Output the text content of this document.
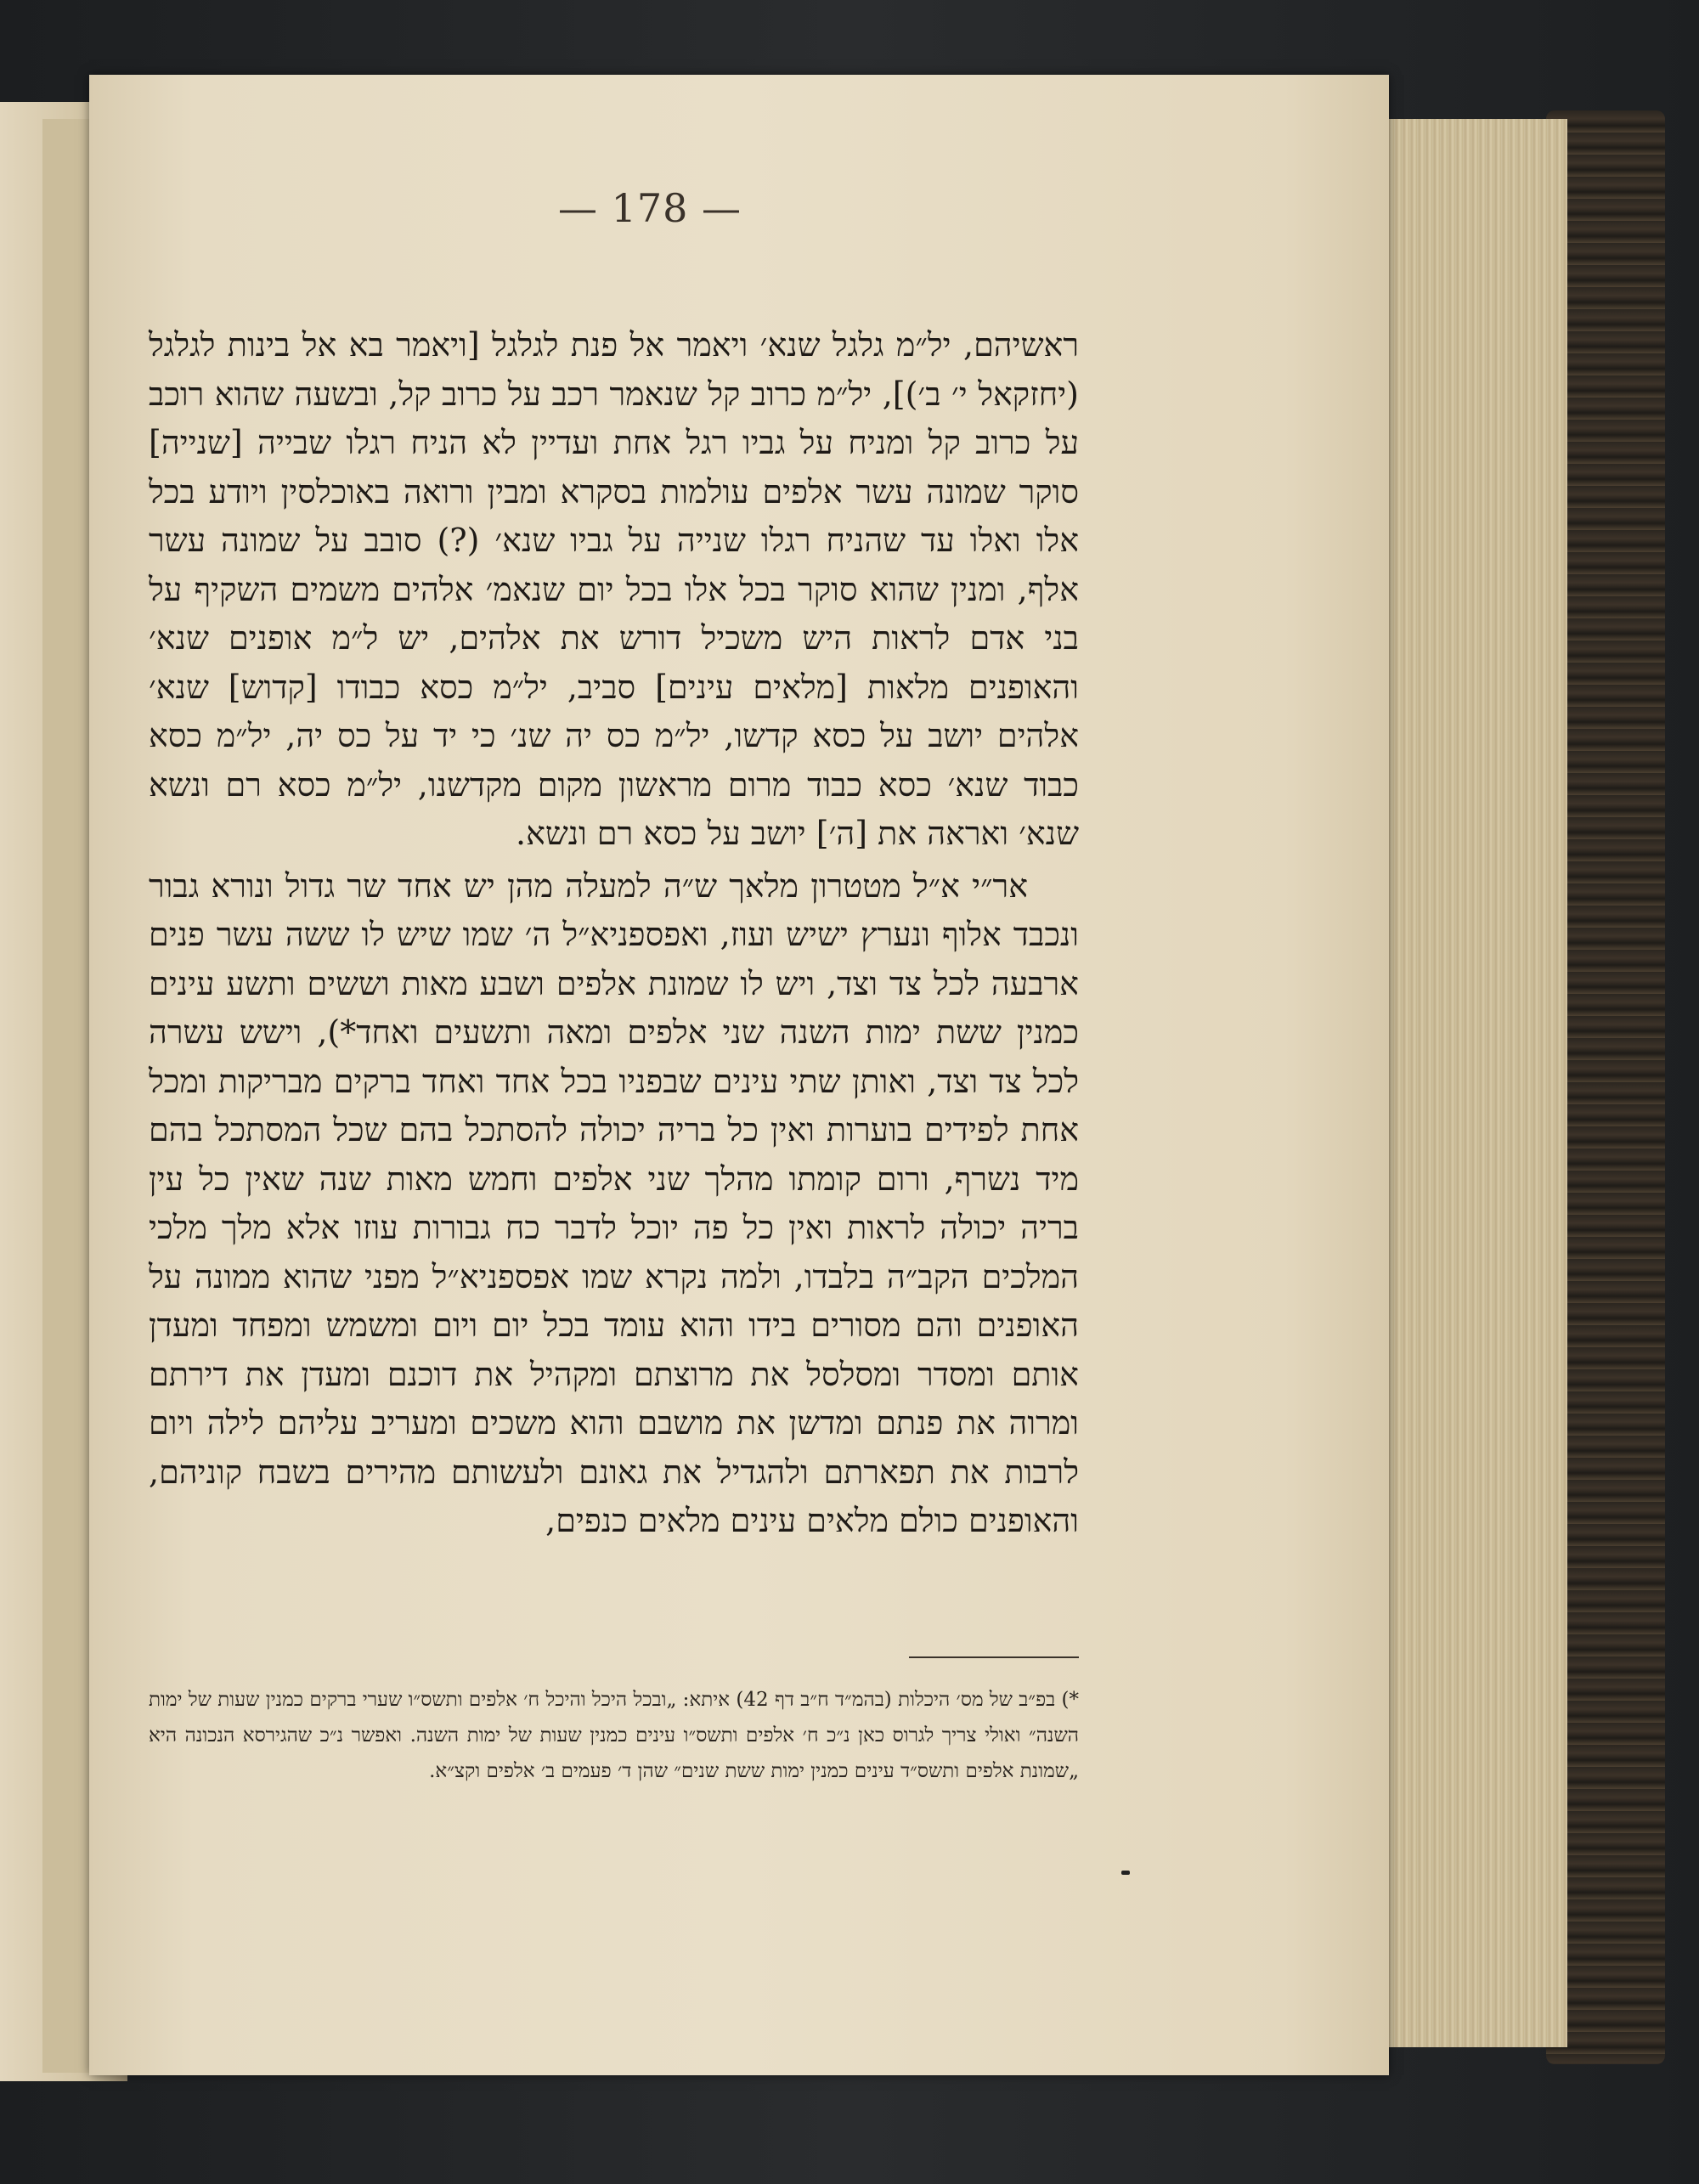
— 178 —

ראשיהם, יל״מ גלגל שנא׳ ויאמר אל פנת לגלגל [ויאמר בא אל בינות לגלגל (יחזקאל י׳ ב׳)], יל״מ כרוב קל שנאמר רכב על כרוב קל, ובשעה שהוא רוכב על כרוב קל ומניח על גביו רגל אחת ועדיין לא הניח רגלו שבייה [שנייה] סוקר שמונה עשר אלפים עולמות בסקרא ומבין ורואה באוכלסין ויודע בכל אלו ואלו עד שהניח רגלו שנייה על גביו שנא׳ (?) סובב על שמונה עשר אלף, ומנין שהוא סוקר בכל אלו בכל יום שנאמ׳ אלהים משמים השקיף על בני אדם לראות היש משכיל דורש את אלהים, יש ל״מ אופנים שנא׳ והאופנים מלאות [מלאים עינים] סביב, יל״מ כסא כבודו [קדוש] שנא׳ אלהים יושב על כסא קדשו, יל״מ כס יה שנ׳ כי יד על כס יה, יל״מ כסא כבוד שנא׳ כסא כבוד מרום מראשון מקום מקדשנו, יל״מ כסא רם ונשא שנא׳ ואראה את [ה׳] יושב על כסא רם ונשא.

אר״י א״ל מטטרון מלאך ש״ה למעלה מהן יש אחד שר גדול ונורא גבור ונכבד אלוף ונערץ ישיש ועוז, ואפספניא״ל ה׳ שמו שיש לו ששה עשר פנים ארבעה לכל צד וצד, ויש לו שמונת אלפים ושבע מאות וששים ותשע עינים כמנין ששת ימות השנה שני אלפים ומאה ותשעים ואחד*), וישש עשרה לכל צד וצד, ואותן שתי עינים שבפניו בכל אחד ואחד ברקים מבריקות ומכל אחת לפידים בוערות ואין כל בריה יכולה להסתכל בהם שכל המסתכל בהם מיד נשרף, ורום קומתו מהלך שני אלפים וחמש מאות שנה שאין כל עין בריה יכולה לראות ואין כל פה יוכל לדבר כח גבורות עוזו אלא מלך מלכי המלכים הקב״ה בלבדו, ולמה נקרא שמו אפספניא״ל מפני שהוא ממונה על האופנים והם מסורים בידו והוא עומד בכל יום ויום ומשמש ומפחד ומעדן אותם ומסדר ומסלסל את מרוצתם ומקהיל את דוכנם ומעדן את דירתם ומרוה את פנתם ומדשן את מושבם והוא משכים ומעריב עליהם לילה ויום לרבות את תפארתם ולהגדיל את גאונם ולעשותם מהירים בשבח קוניהם, והאופנים כולם מלאים עינים מלאים כנפים,

*) בפ״ב של מס׳ היכלות (בהמ״ד ח״ב דף 42) איתא: „ובכל היכל והיכל ח׳ אלפים ותשס״ו שערי ברקים כמנין שעות של ימות השנה״ ואולי צריך לגרוס כאן נ״כ ח׳ אלפים ותשס״ו עינים כמנין שעות של ימות השנה. ואפשר נ״כ שהגירסא הנכונה היא „שמונת אלפים ותשס״ד עינים כמנין ימות ששת שנים״ שהן ד׳ פעמים ב׳ אלפים וקצ״א.
